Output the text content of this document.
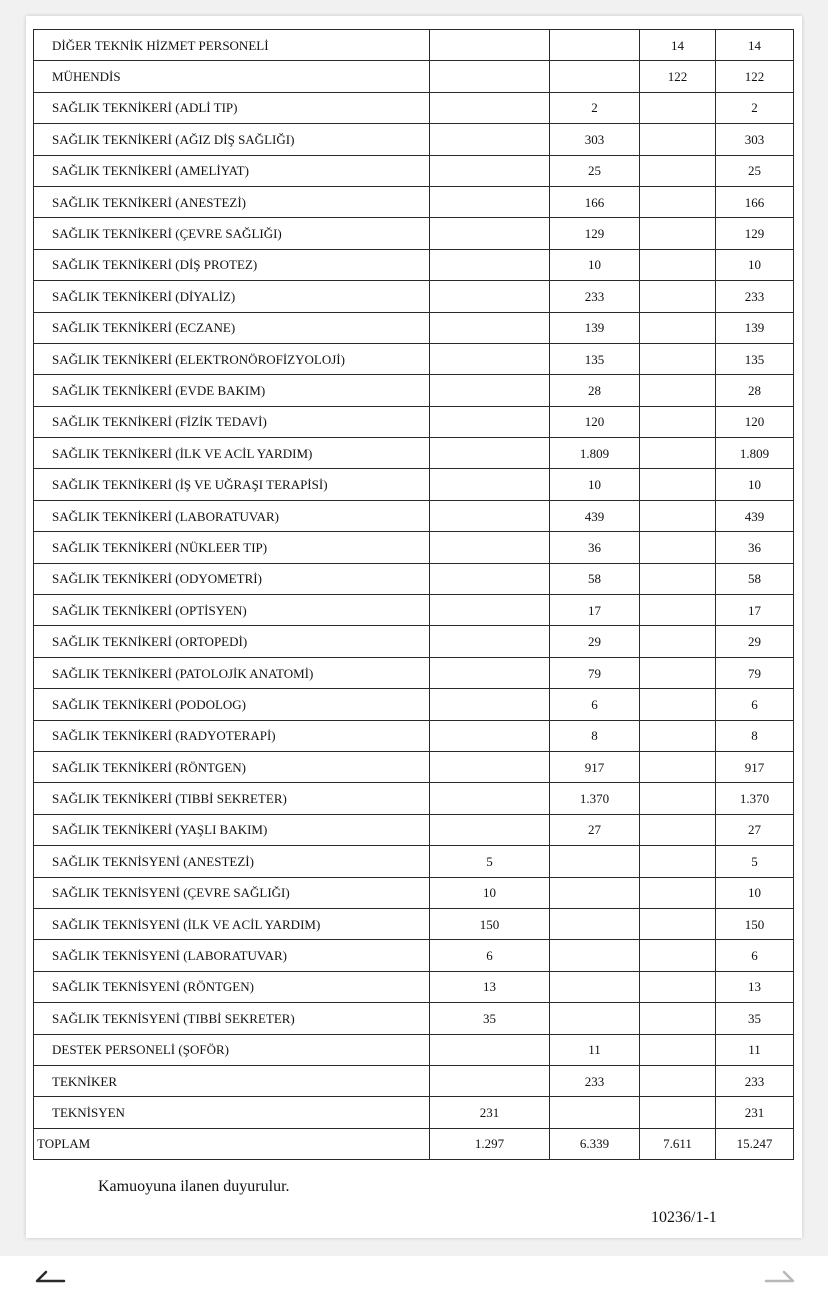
DİĞER TEKNİK HİZMET PERSONELİ			14	14
MÜHENDİS			122	122
SAĞLIK TEKNİKERİ (ADLİ TIP)		2		2
SAĞLIK TEKNİKERİ (AĞIZ DİŞ SAĞLIĞI)		303		303
SAĞLIK TEKNİKERİ (AMELİYAT)		25		25
SAĞLIK TEKNİKERİ (ANESTEZİ)		166		166
SAĞLIK TEKNİKERİ (ÇEVRE SAĞLIĞI)		129		129
SAĞLIK TEKNİKERİ (DİŞ PROTEZ)		10		10
SAĞLIK TEKNİKERİ (DİYALİZ)		233		233
SAĞLIK TEKNİKERİ (ECZANE)		139		139
SAĞLIK TEKNİKERİ (ELEKTRONÖROFİZYOLOJİ)		135		135
SAĞLIK TEKNİKERİ (EVDE BAKIM)		28		28
SAĞLIK TEKNİKERİ (FİZİK TEDAVİ)		120		120
SAĞLIK TEKNİKERİ (İLK VE ACİL YARDIM)		1.809		1.809
SAĞLIK TEKNİKERİ (İŞ VE UĞRAŞI TERAPİSİ)		10		10
SAĞLIK TEKNİKERİ (LABORATUVAR)		439		439
SAĞLIK TEKNİKERİ (NÜKLEER TIP)		36		36
SAĞLIK TEKNİKERİ (ODYOMETRİ)		58		58
SAĞLIK TEKNİKERİ (OPTİSYEN)		17		17
SAĞLIK TEKNİKERİ (ORTOPEDİ)		29		29
SAĞLIK TEKNİKERİ (PATOLOJİK ANATOMİ)		79		79
SAĞLIK TEKNİKERİ (PODOLOG)		6		6
SAĞLIK TEKNİKERİ (RADYOTERAPİ)		8		8
SAĞLIK TEKNİKERİ (RÖNTGEN)		917		917
SAĞLIK TEKNİKERİ (TIBBİ SEKRETER)		1.370		1.370
SAĞLIK TEKNİKERİ (YAŞLI BAKIM)		27		27
SAĞLIK TEKNİSYENİ (ANESTEZİ)	5			5
SAĞLIK TEKNİSYENİ (ÇEVRE SAĞLIĞI)	10			10
SAĞLIK TEKNİSYENİ (İLK VE ACİL YARDIM)	150			150
SAĞLIK TEKNİSYENİ (LABORATUVAR)	6			6
SAĞLIK TEKNİSYENİ (RÖNTGEN)	13			13
SAĞLIK TEKNİSYENİ (TIBBİ SEKRETER)	35			35
DESTEK PERSONELİ (ŞOFÖR)		11		11
TEKNİKER		233		233
TEKNİSYEN	231			231
TOPLAM	1.297	6.339	7.611	15.247
Kamuoyuna ilanen duyurulur.
10236/1-1
